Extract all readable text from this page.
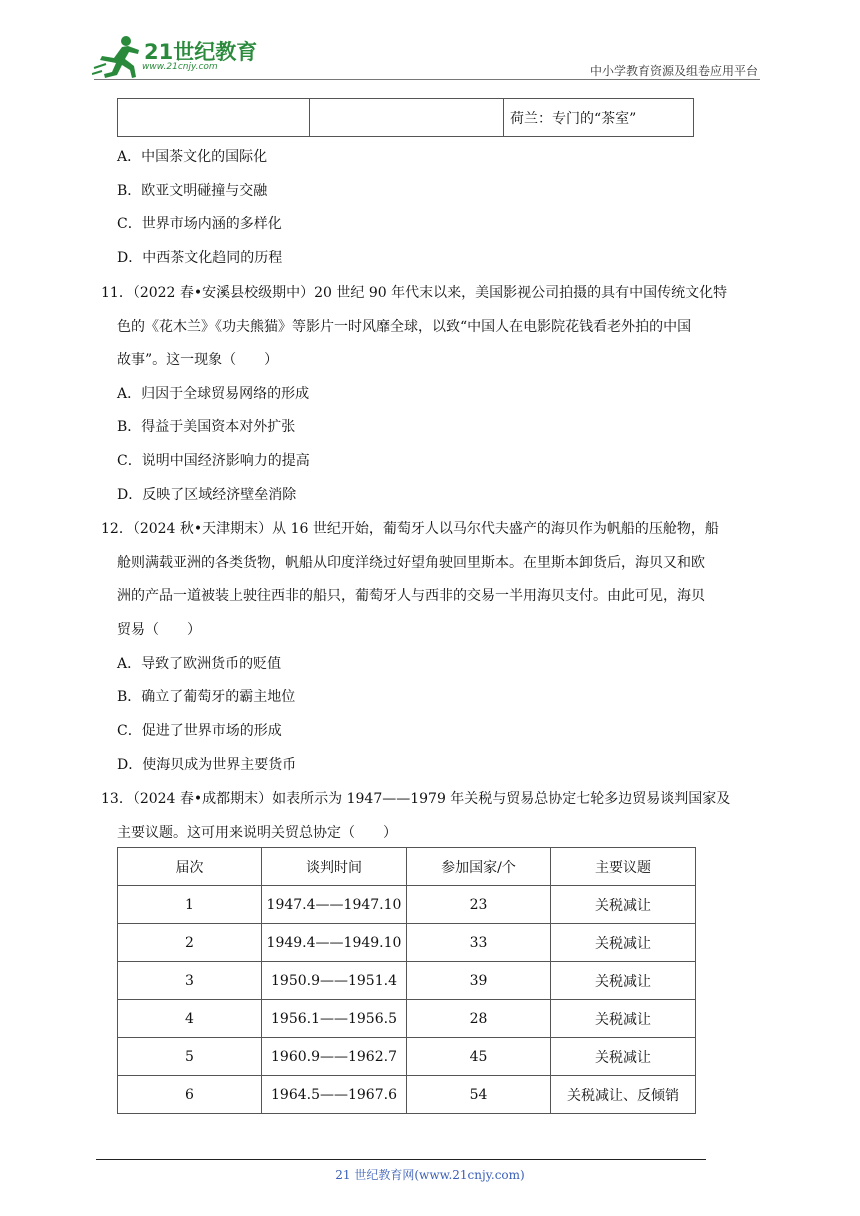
21世纪教育
www.21cnjy.com	中小学教育资源及组卷应用平台
		荷兰：专门的“茶室”
A．中国茶文化的国际化
B．欧亚文明碰撞与交融
C．世界市场内涵的多样化
D．中西茶文化趋同的历程
11．（2022 春•安溪县校级期中）20 世纪 90 年代末以来，美国影视公司拍摄的具有中国传统文化特
色的《花木兰》《功夫熊猫》等影片一时风靡全球，以致“中国人在电影院花钱看老外拍的中国
故事”。这一现象（　　）
A．归因于全球贸易网络的形成
B．得益于美国资本对外扩张
C．说明中国经济影响力的提高
D．反映了区域经济壁垒消除
12．（2024 秋•天津期末）从 16 世纪开始，葡萄牙人以马尔代夫盛产的海贝作为帆船的压舱物，船
舱则满载亚洲的各类货物，帆船从印度洋绕过好望角驶回里斯本。在里斯本卸货后，海贝又和欧
洲的产品一道被装上驶往西非的船只，葡萄牙人与西非的交易一半用海贝支付。由此可见，海贝
贸易（　　）
A．导致了欧洲货币的贬值
B．确立了葡萄牙的霸主地位
C．促进了世界市场的形成
D．使海贝成为世界主要货币
13．（2024 春•成都期末）如表所示为 1947——1979 年关税与贸易总协定七轮多边贸易谈判国家及
主要议题。这可用来说明关贸总协定（　　）
届次	谈判时间	参加国家/个	主要议题
1	1947.4——1947.10	23	关税减让
2	1949.4——1949.10	33	关税减让
3	1950.9——1951.4	39	关税减让
4	1956.1——1956.5	28	关税减让
5	1960.9——1962.7	45	关税减让
6	1964.5——1967.6	54	关税减让、反倾销
21 世纪教育网(www.21cnjy.com)
